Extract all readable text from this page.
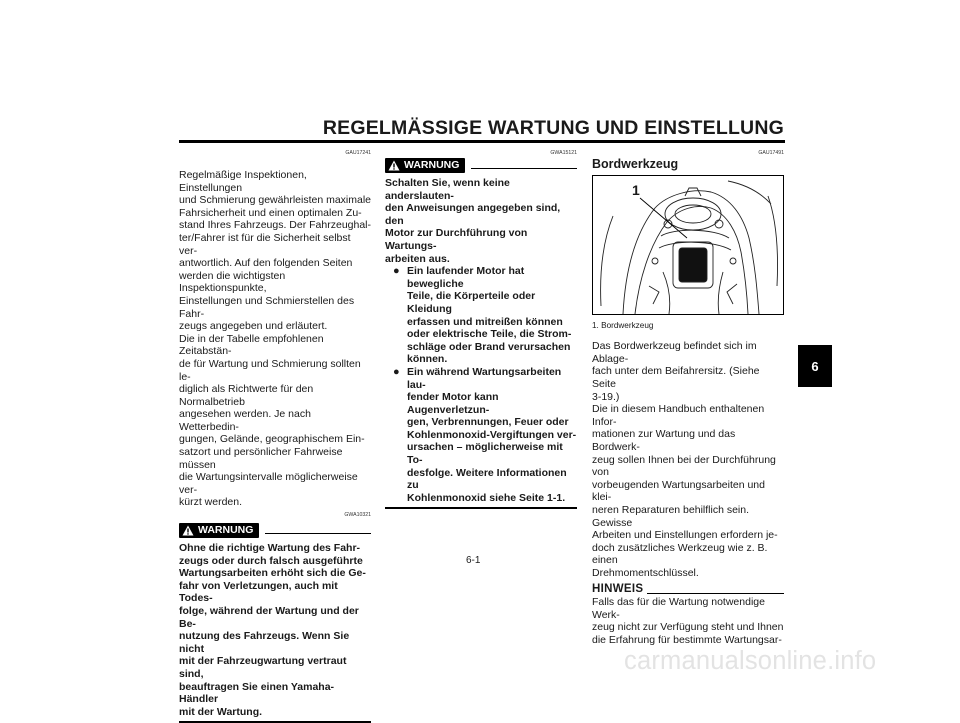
REGELMÄSSIGE WARTUNG UND EINSTELLUNG
GAU17241

Regelmäßige Inspektionen, Einstellungen
und Schmierung gewährleisten maximale
Fahrsicherheit und einen optimalen Zu-
stand Ihres Fahrzeugs. Der Fahrzeughal-
ter/Fahrer ist für die Sicherheit selbst ver-
antwortlich. Auf den folgenden Seiten
werden die wichtigsten Inspektionspunkte,
Einstellungen und Schmierstellen des Fahr-
zeugs angegeben und erläutert.
Die in der Tabelle empfohlenen Zeitabstän-
de für Wartung und Schmierung sollten le-
diglich als Richtwerte für den Normalbetrieb
angesehen werden. Je nach Wetterbedin-
gungen, Gelände, geographischem Ein-
satzort und persönlicher Fahrweise müssen
die Wartungsintervalle möglicherweise ver-
kürzt werden.

GWA10321
WARNUNG
Ohne die richtige Wartung des Fahr-
zeugs oder durch falsch ausgeführte
Wartungsarbeiten erhöht sich die Ge-
fahr von Verletzungen, auch mit Todes-
folge, während der Wartung und der Be-
nutzung des Fahrzeugs. Wenn Sie nicht
mit der Fahrzeugwartung vertraut sind,
beauftragen Sie einen Yamaha-Händler
mit der Wartung.
GWA15121
WARNUNG
Schalten Sie, wenn keine anderslauten-
den Anweisungen angegeben sind, den
Motor zur Durchführung von Wartungs-
arbeiten aus.
● Ein laufender Motor hat bewegliche
Teile, die Körperteile oder Kleidung
erfassen und mitreißen können
oder elektrische Teile, die Strom-
schläge oder Brand verursachen
können.
● Ein während Wartungsarbeiten lau-
fender Motor kann Augenverletzun-
gen, Verbrennungen, Feuer oder
Kohlenmonoxid-Vergiftungen ver-
ursachen – möglicherweise mit To-
desfolge. Weitere Informationen zu
Kohlenmonoxid siehe Seite 1-1.
GAU17491
Bordwerkzeug
1
1. Bordwerkzeug

Das Bordwerkzeug befindet sich im Ablage-
fach unter dem Beifahrersitz. (Siehe Seite
3-19.)
Die in diesem Handbuch enthaltenen Infor-
mationen zur Wartung und das Bordwerk-
zeug sollen Ihnen bei der Durchführung von
vorbeugenden Wartungsarbeiten und klei-
neren Reparaturen behilflich sein. Gewisse
Arbeiten und Einstellungen erfordern je-
doch zusätzliches Werkzeug wie z. B. einen
Drehmomentschlüssel.

HINWEIS

Falls das für die Wartung notwendige Werk-
zeug nicht zur Verfügung steht und Ihnen
die Erfahrung für bestimmte Wartungsar-

6
6-1
carmanualsonline.info
